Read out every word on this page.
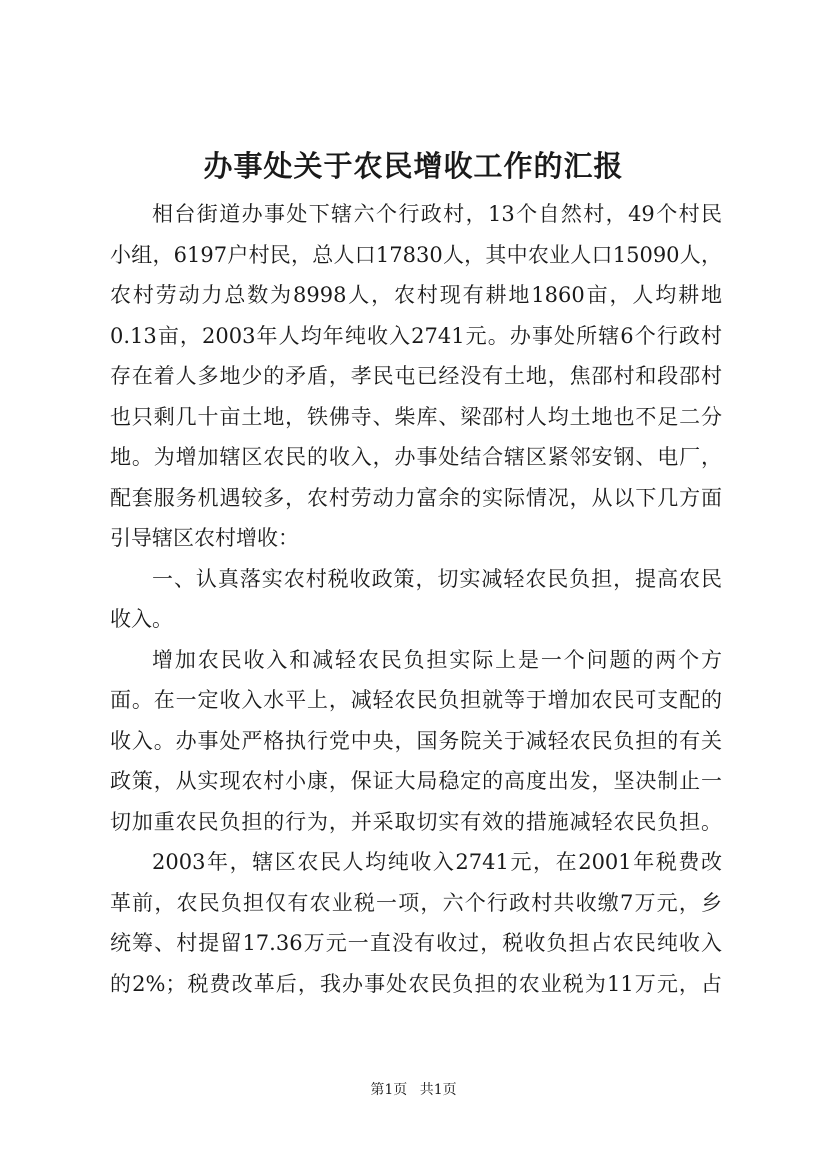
办事处关于农民增收工作的汇报
相台街道办事处下辖六个行政村，13个自然村，49个村民
小组，6197户村民，总人口17830人，其中农业人口15090人，
农村劳动力总数为8998人，农村现有耕地1860亩，人均耕地
0.13亩，2003年人均年纯收入2741元。办事处所辖6个行政村
存在着人多地少的矛盾，孝民屯已经没有土地，焦邵村和段邵村
也只剩几十亩土地，铁佛寺、柴库、梁邵村人均土地也不足二分
地。为增加辖区农民的收入，办事处结合辖区紧邻安钢、电厂，
配套服务机遇较多，农村劳动力富余的实际情况，从以下几方面
引导辖区农村增收：
一、认真落实农村税收政策，切实减轻农民负担，提高农民
收入。
增加农民收入和减轻农民负担实际上是一个问题的两个方
面。在一定收入水平上，减轻农民负担就等于增加农民可支配的
收入。办事处严格执行党中央，国务院关于减轻农民负担的有关
政策，从实现农村小康，保证大局稳定的高度出发，坚决制止一
切加重农民负担的行为，并采取切实有效的措施减轻农民负担。
2003年，辖区农民人均纯收入2741元，在2001年税费改
革前，农民负担仅有农业税一项，六个行政村共收缴7万元，乡
统筹、村提留17.36万元一直没有收过，税收负担占农民纯收入
的2%；税费改革后，我办事处农民负担的农业税为11万元，占
第1页 共1页
